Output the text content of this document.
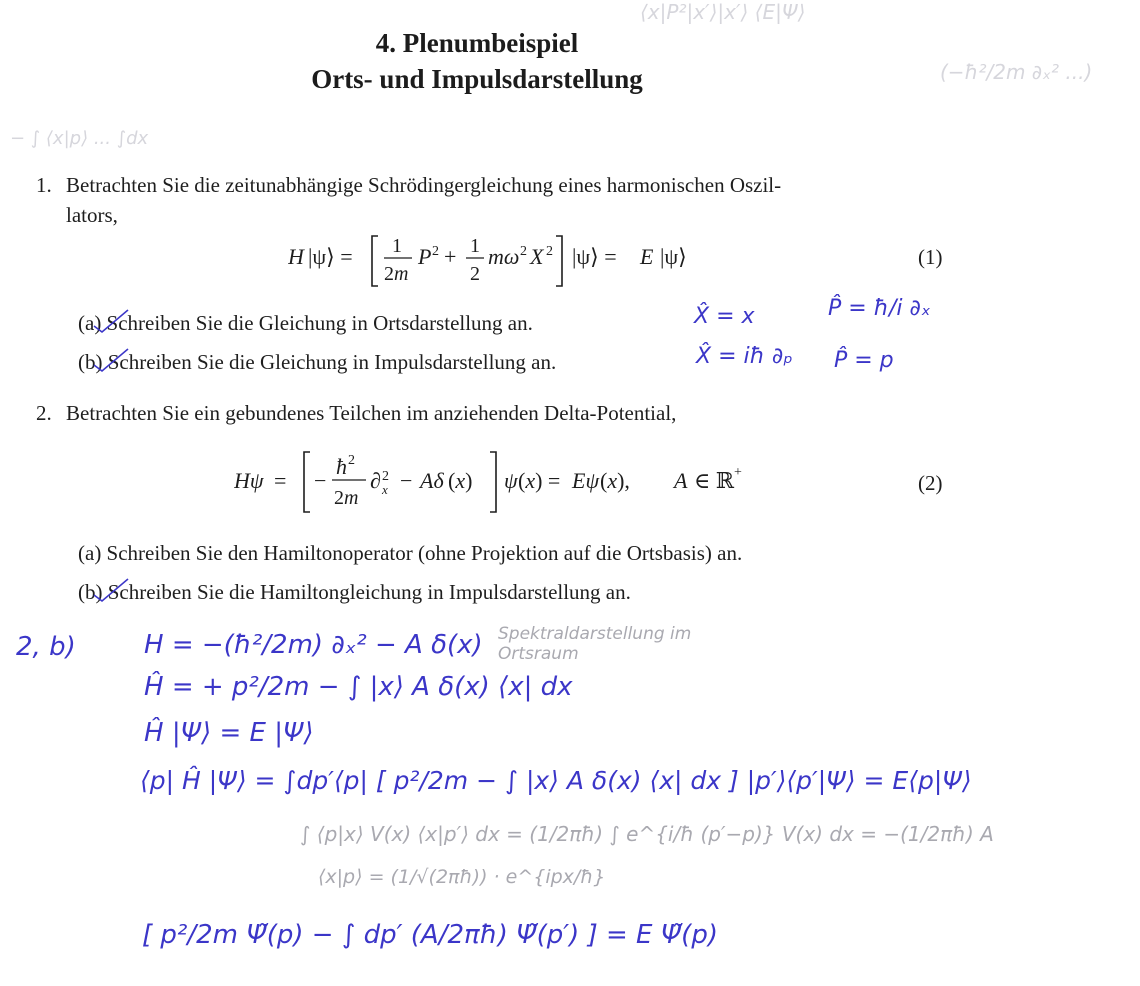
⟨x|P²|x′⟩|x′⟩ ⟨E|Ψ⟩
(−ħ²/2m ∂ₓ² ...)
− ∫ ⟨x|p⟩ ... ∫dx
4. Plenumbeispiel
Orts- und Impulsdarstellung
1. Betrachten Sie die zeitunabhängige Schrödingergleichung eines harmonischen Oszil-
lators,
H |ψ⟩ = 1
2m
P 2 + 1
2
mω 2 X 2 |ψ⟩ = E |ψ⟩	(1)
(a) Schreiben Sie die Gleichung in Ortsdarstellung an.
(b) Schreiben Sie die Gleichung in Impulsdarstellung an.
X̂ = x	P̂ = ħ/i ∂ₓ
X̂ = iħ ∂ₚ P̂ = p
2. Betrachten Sie ein gebundenes Teilchen im anziehenden Delta-Potential,
Hψ = −
ħ 2
2m
∂ 2
x − Aδ (x) ψ (x) = Eψ (x), A ∈ ℝ +	(2)
(a) Schreiben Sie den Hamiltonoperator (ohne Projektion auf die Ortsbasis) an.
(b) Schreiben Sie die Hamiltongleichung in Impulsdarstellung an.
2, b)	H = −(ħ²/2m) ∂ₓ² − A δ(x) Spektraldarstellung im Ortsraum
Ĥ = + p²/2m − ∫ |x⟩ A δ(x) ⟨x| dx
Ĥ |Ψ⟩ = E |Ψ⟩
⟨p| Ĥ |Ψ⟩ = ∫dp′⟨p| [ p²/2m − ∫ |x⟩ A δ(x) ⟨x| dx ] |p′⟩⟨p′|Ψ⟩ = E⟨p|Ψ⟩
∫ ⟨p|x⟩ V(x) ⟨x|p′⟩ dx = (1/2πħ) ∫ e^{i/ħ (p′−p)} V(x) dx = −(1/2πħ) A
⟨x|p⟩ = (1/√(2πħ)) · e^{ipx/ħ}
[ p²/2m Ψ̃(p) − ∫ dp′ (A/2πħ) Ψ̃(p′) ] = E Ψ̃(p)
